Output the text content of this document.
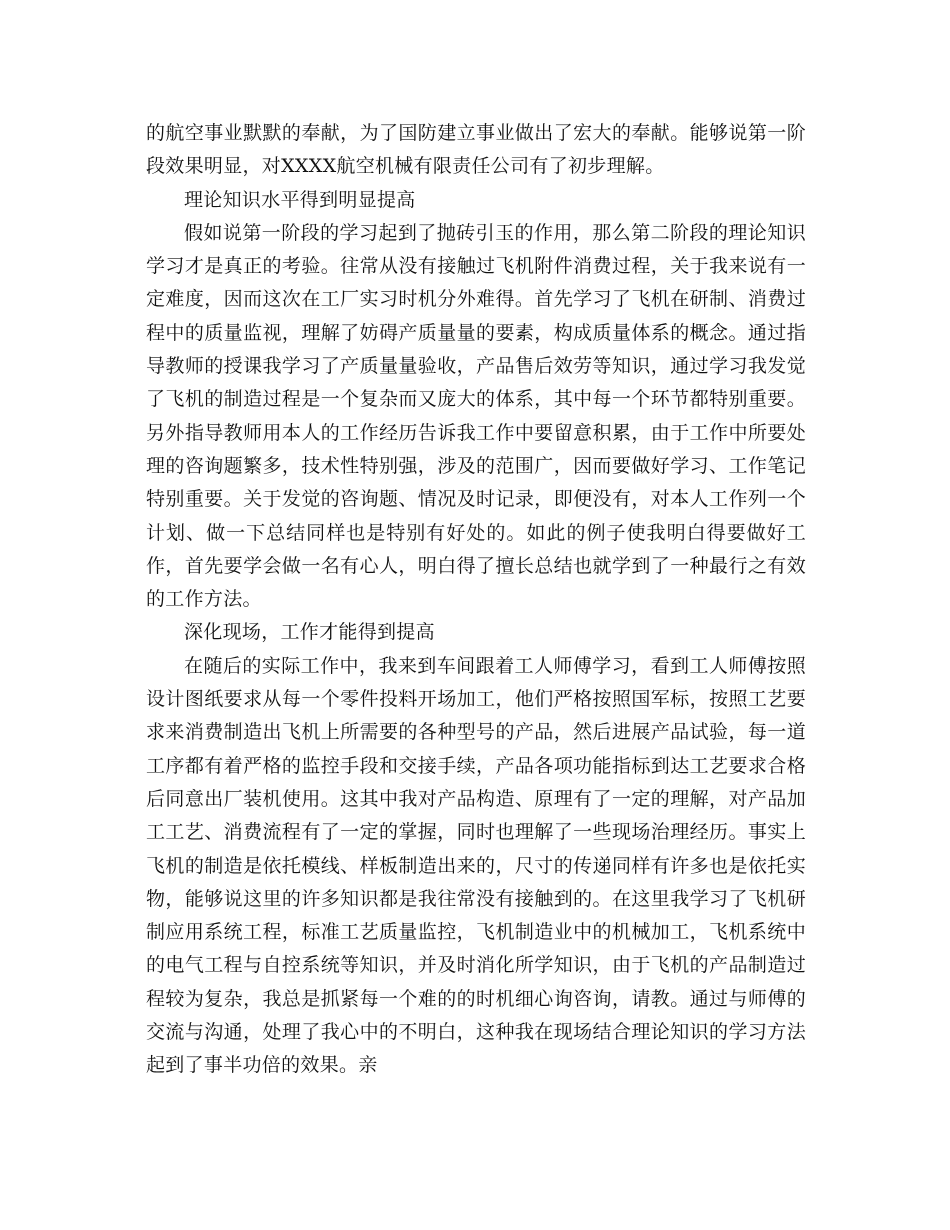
的航空事业默默的奉献，为了国防建立事业做出了宏大的奉献。能够说第一阶段效果明显，对XXXX航空机械有限责任公司有了初步理解。

理论知识水平得到明显提高

假如说第一阶段的学习起到了抛砖引玉的作用，那么第二阶段的理论知识学习才是真正的考验。往常从没有接触过飞机附件消费过程，关于我来说有一定难度，因而这次在工厂实习时机分外难得。首先学习了飞机在研制、消费过程中的质量监视，理解了妨碍产质量量的要素，构成质量体系的概念。通过指导教师的授课我学习了产质量量验收，产品售后效劳等知识，通过学习我发觉了飞机的制造过程是一个复杂而又庞大的体系，其中每一个环节都特别重要。另外指导教师用本人的工作经历告诉我工作中要留意积累，由于工作中所要处理的咨询题繁多，技术性特别强，涉及的范围广，因而要做好学习、工作笔记特别重要。关于发觉的咨询题、情况及时记录，即便没有，对本人工作列一个计划、做一下总结同样也是特别有好处的。如此的例子使我明白得要做好工作，首先要学会做一名有心人，明白得了擅长总结也就学到了一种最行之有效的工作方法。

深化现场，工作才能得到提高

在随后的实际工作中，我来到车间跟着工人师傅学习，看到工人师傅按照设计图纸要求从每一个零件投料开场加工，他们严格按照国军标，按照工艺要求来消费制造出飞机上所需要的各种型号的产品，然后进展产品试验，每一道工序都有着严格的监控手段和交接手续，产品各项功能指标到达工艺要求合格后同意出厂装机使用。这其中我对产品构造、原理有了一定的理解，对产品加工工艺、消费流程有了一定的掌握，同时也理解了一些现场治理经历。事实上飞机的制造是依托模线、样板制造出来的，尺寸的传递同样有许多也是依托实物，能够说这里的许多知识都是我往常没有接触到的。在这里我学习了飞机研制应用系统工程，标准工艺质量监控，飞机制造业中的机械加工，飞机系统中的电气工程与自控系统等知识，并及时消化所学知识，由于飞机的产品制造过程较为复杂，我总是抓紧每一个难的的时机细心询咨询，请教。通过与师傅的交流与沟通，处理了我心中的不明白，这种我在现场结合理论知识的学习方法起到了事半功倍的效果。亲
